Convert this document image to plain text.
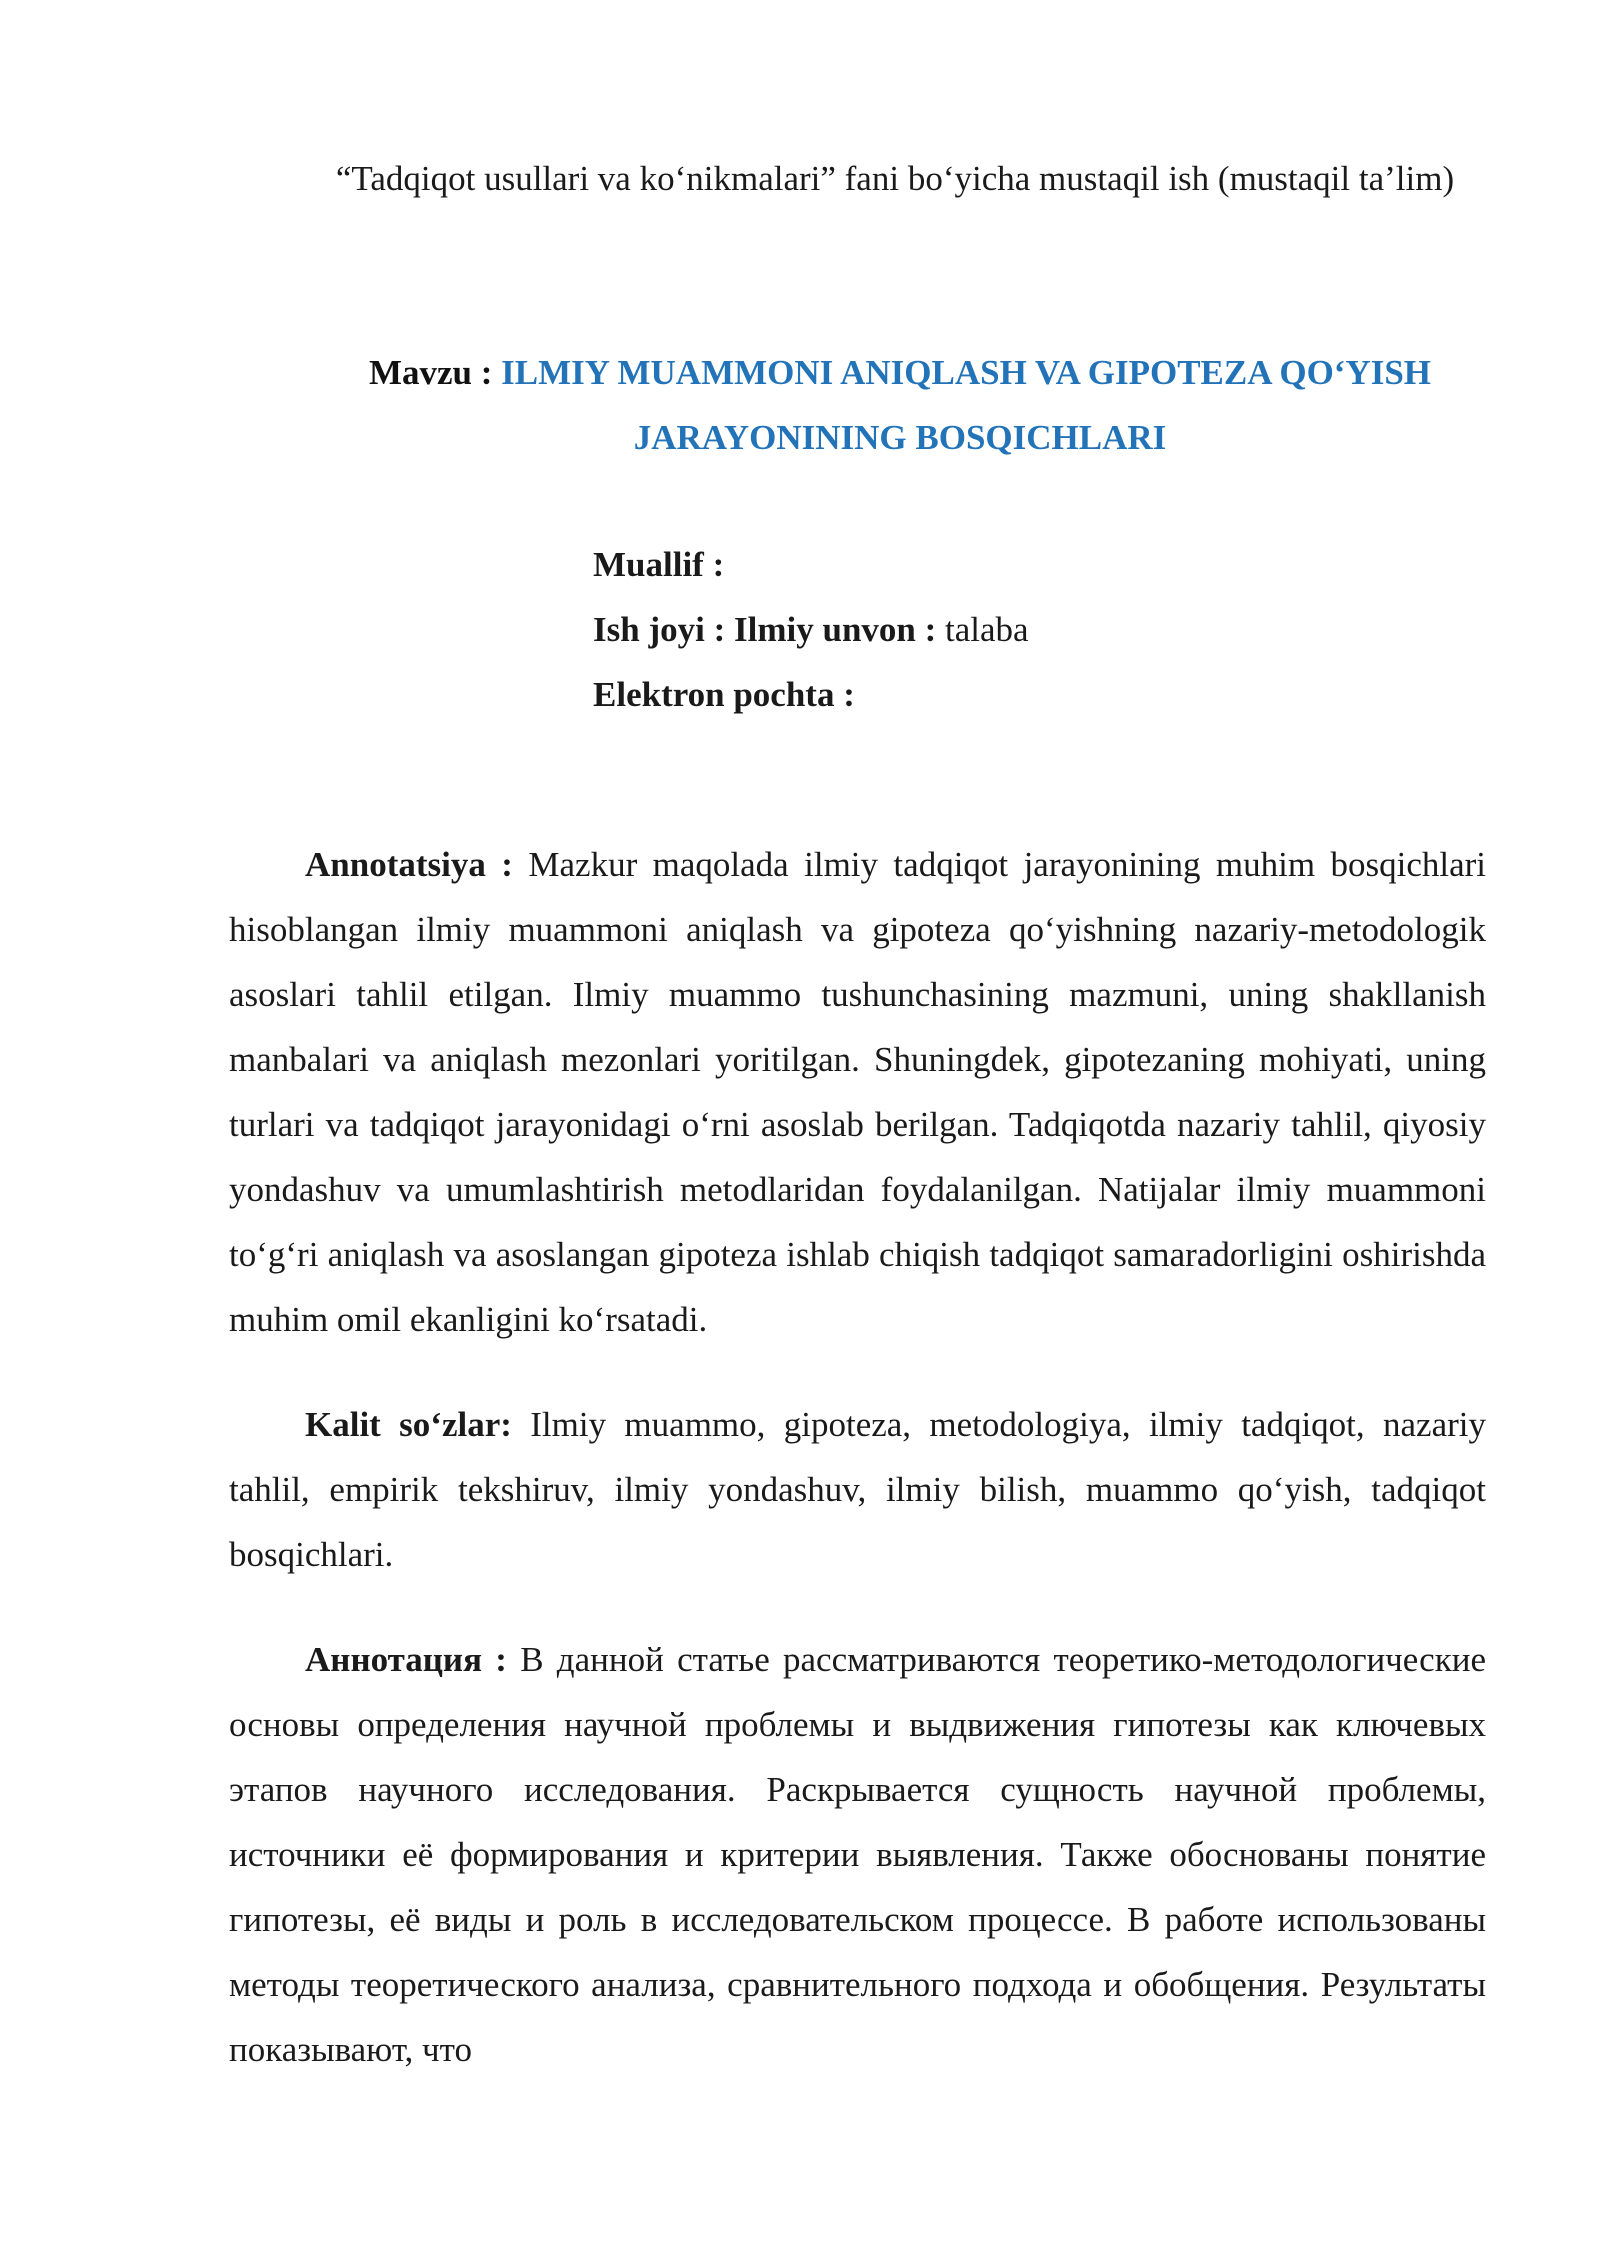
“Tadqiqot usullari va ko‘nikmalari” fani bo‘yicha mustaqil ish (mustaqil ta’lim)

Mavzu : ILMIY MUAMMONI ANIQLASH VA GIPOTEZA QO‘YISH JARAYONINING BOSQICHLARI

Muallif :
Ish joyi : Ilmiy unvon : talaba
Elektron pochta :

Annotatsiya : Mazkur maqolada ilmiy tadqiqot jarayonining muhim bosqichlari hisoblangan ilmiy muammoni aniqlash va gipoteza qo‘yishning nazariy-metodologik asoslari tahlil etilgan. Ilmiy muammo tushunchasining mazmuni, uning shakllanish manbalari va aniqlash mezonlari yoritilgan. Shuningdek, gipotezaning mohiyati, uning turlari va tadqiqot jarayonidagi o‘rni asoslab berilgan. Tadqiqotda nazariy tahlil, qiyosiy yondashuv va umumlashtirish metodlaridan foydalanilgan. Natijalar ilmiy muammoni to‘g‘ri aniqlash va asoslangan gipoteza ishlab chiqish tadqiqot samaradorligini oshirishda muhim omil ekanligini ko‘rsatadi.

Kalit so‘zlar: Ilmiy muammo, gipoteza, metodologiya, ilmiy tadqiqot, nazariy tahlil, empirik tekshiruv, ilmiy yondashuv, ilmiy bilish, muammo qo‘yish, tadqiqot bosqichlari.

Аннотация : В данной статье рассматриваются теоретико-методологические основы определения научной проблемы и выдвижения гипотезы как ключевых этапов научного исследования. Раскрывается сущность научной проблемы, источники её формирования и критерии выявления. Также обоснованы понятие гипотезы, её виды и роль в исследовательском процессе. В работе использованы методы теоретического анализа, сравнительного подхода и обобщения. Результаты показывают, что
